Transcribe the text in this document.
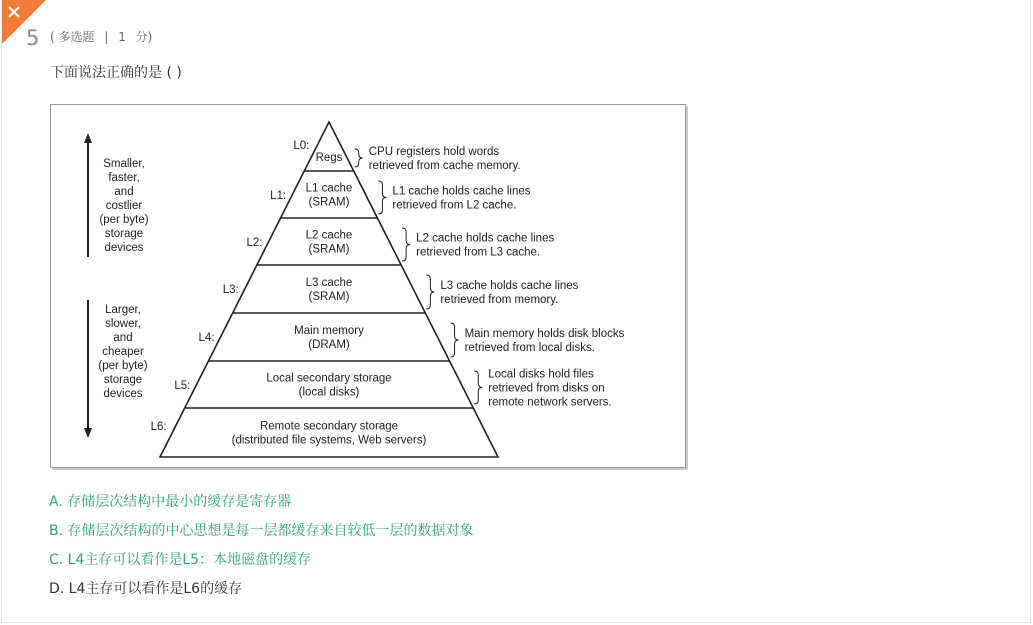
5 ( 多选题 | 1 分)
下面说法正确的是 ( )
L0:
Regs CPU registers hold words
retrieved from cache memory.
L1:
L1 cache
(SRAM)
L1 cache holds cache lines
retrieved from L2 cache.
L2:
L2 cache
(SRAM)
L2 cache holds cache lines
retrieved from L3 cache.
L3:
L3 cache
(SRAM)
L3 cache holds cache lines
retrieved from memory.
L4:
Main memory
(DRAM)
Main memory holds disk blocks
retrieved from local disks.
L5:
Local secondary storage
(local disks)
Local disks hold files
retrieved from disks on
remote network servers.
L6:	Remote secondary storage
(distributed file systems, Web servers)
Smaller,
faster,
and
costlier
(per byte)
storage
devices
Larger,
slower,
and
cheaper
(per byte)
storage
devices
A. 存储层次结构中最小的缓存是寄存器
B. 存储层次结构的中心思想是每一层都缓存来自较低一层的数据对象
C. L4主存可以看作是L5：本地磁盘的缓存
D. L4主存可以看作是L6的缓存
